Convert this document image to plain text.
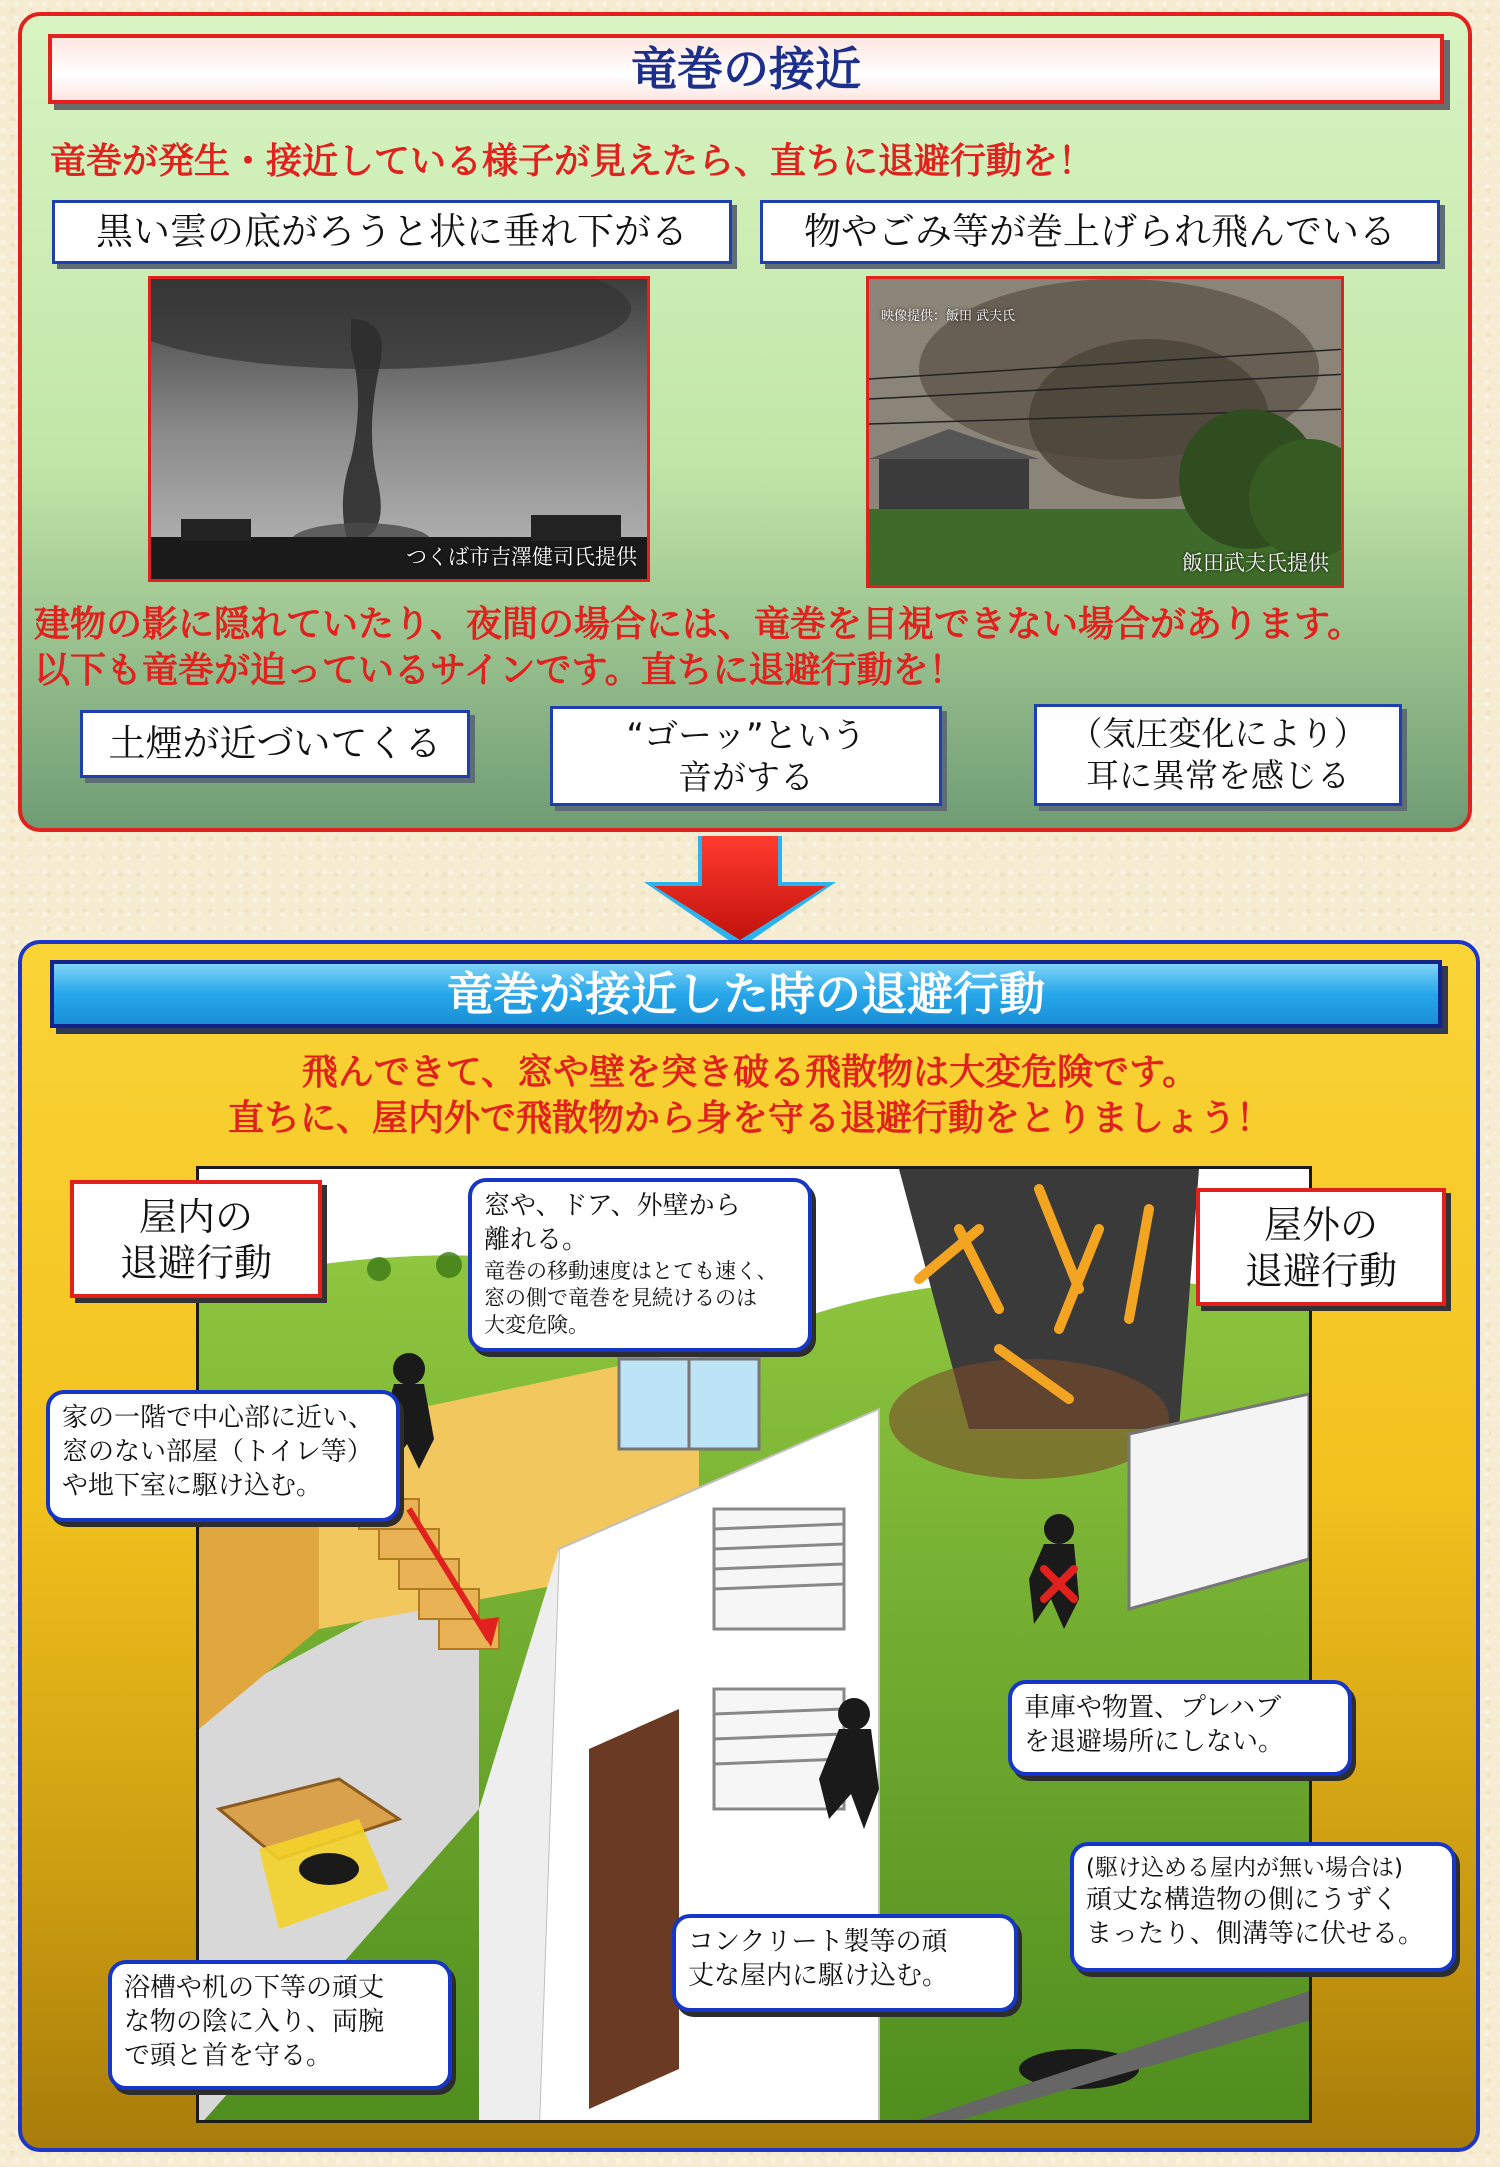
竜巻の接近
竜巻が発生・接近している様子が見えたら、直ちに退避行動を！
黒い雲の底がろうと状に垂れ下がる	物やごみ等が巻上げられ飛んでいる
つくば市吉澤健司氏提供
映像提供：飯田 武夫氏
飯田武夫氏提供
建物の影に隠れていたり、夜間の場合には、竜巻を目視できない場合があります。
以下も竜巻が迫っているサインです。直ちに退避行動を！
土煙が近づいてくる	“ゴーッ”という
音がする
（気圧変化により）
耳に異常を感じる
竜巻が接近した時の退避行動
飛んできて、窓や壁を突き破る飛散物は大変危険です。
直ちに、屋内外で飛散物から身を守る退避行動をとりましょう！
屋内の
退避行動
屋外の
退避行動
窓や、ドア、外壁から
離れる。
竜巻の移動速度はとても速く、
窓の側で竜巻を見続けるのは
大変危険。
家の一階で中心部に近い、
窓のない部屋（トイレ等）
や地下室に駆け込む。
車庫や物置、プレハブ
を退避場所にしない。
(駆け込める屋内が無い場合は)
頑丈な構造物の側にうずく
まったり、側溝等に伏せる。
コンクリート製等の頑
丈な屋内に駆け込む。
浴槽や机の下等の頑丈
な物の陰に入り、両腕
で頭と首を守る。
